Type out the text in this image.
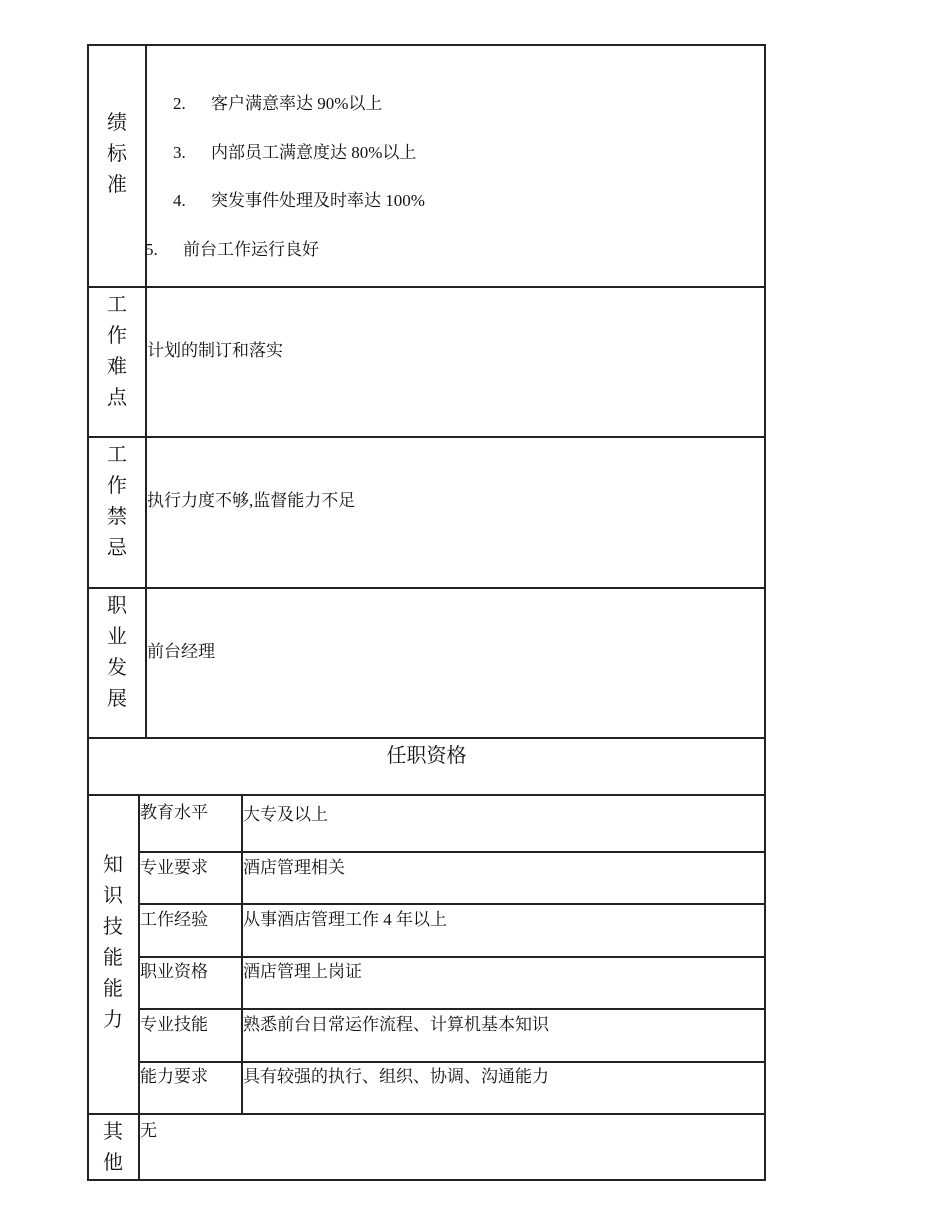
绩标准
2. 客户满意率达 90%以上
3. 内部员工满意度达 80%以上
4. 突发事件处理及时率达 100%
5. 前台工作运行良好
工作难点
计划的制订和落实
工作禁忌
执行力度不够,监督能力不足
职业发展
前台经理
任职资格
知识技能能力
教育水平 大专及以上
专业要求 酒店管理相关
工作经验 从事酒店管理工作 4 年以上
职业资格 酒店管理上岗证
专业技能 熟悉前台日常运作流程、计算机基本知识
能力要求 具有较强的执行、组织、协调、沟通能力
其他
无
